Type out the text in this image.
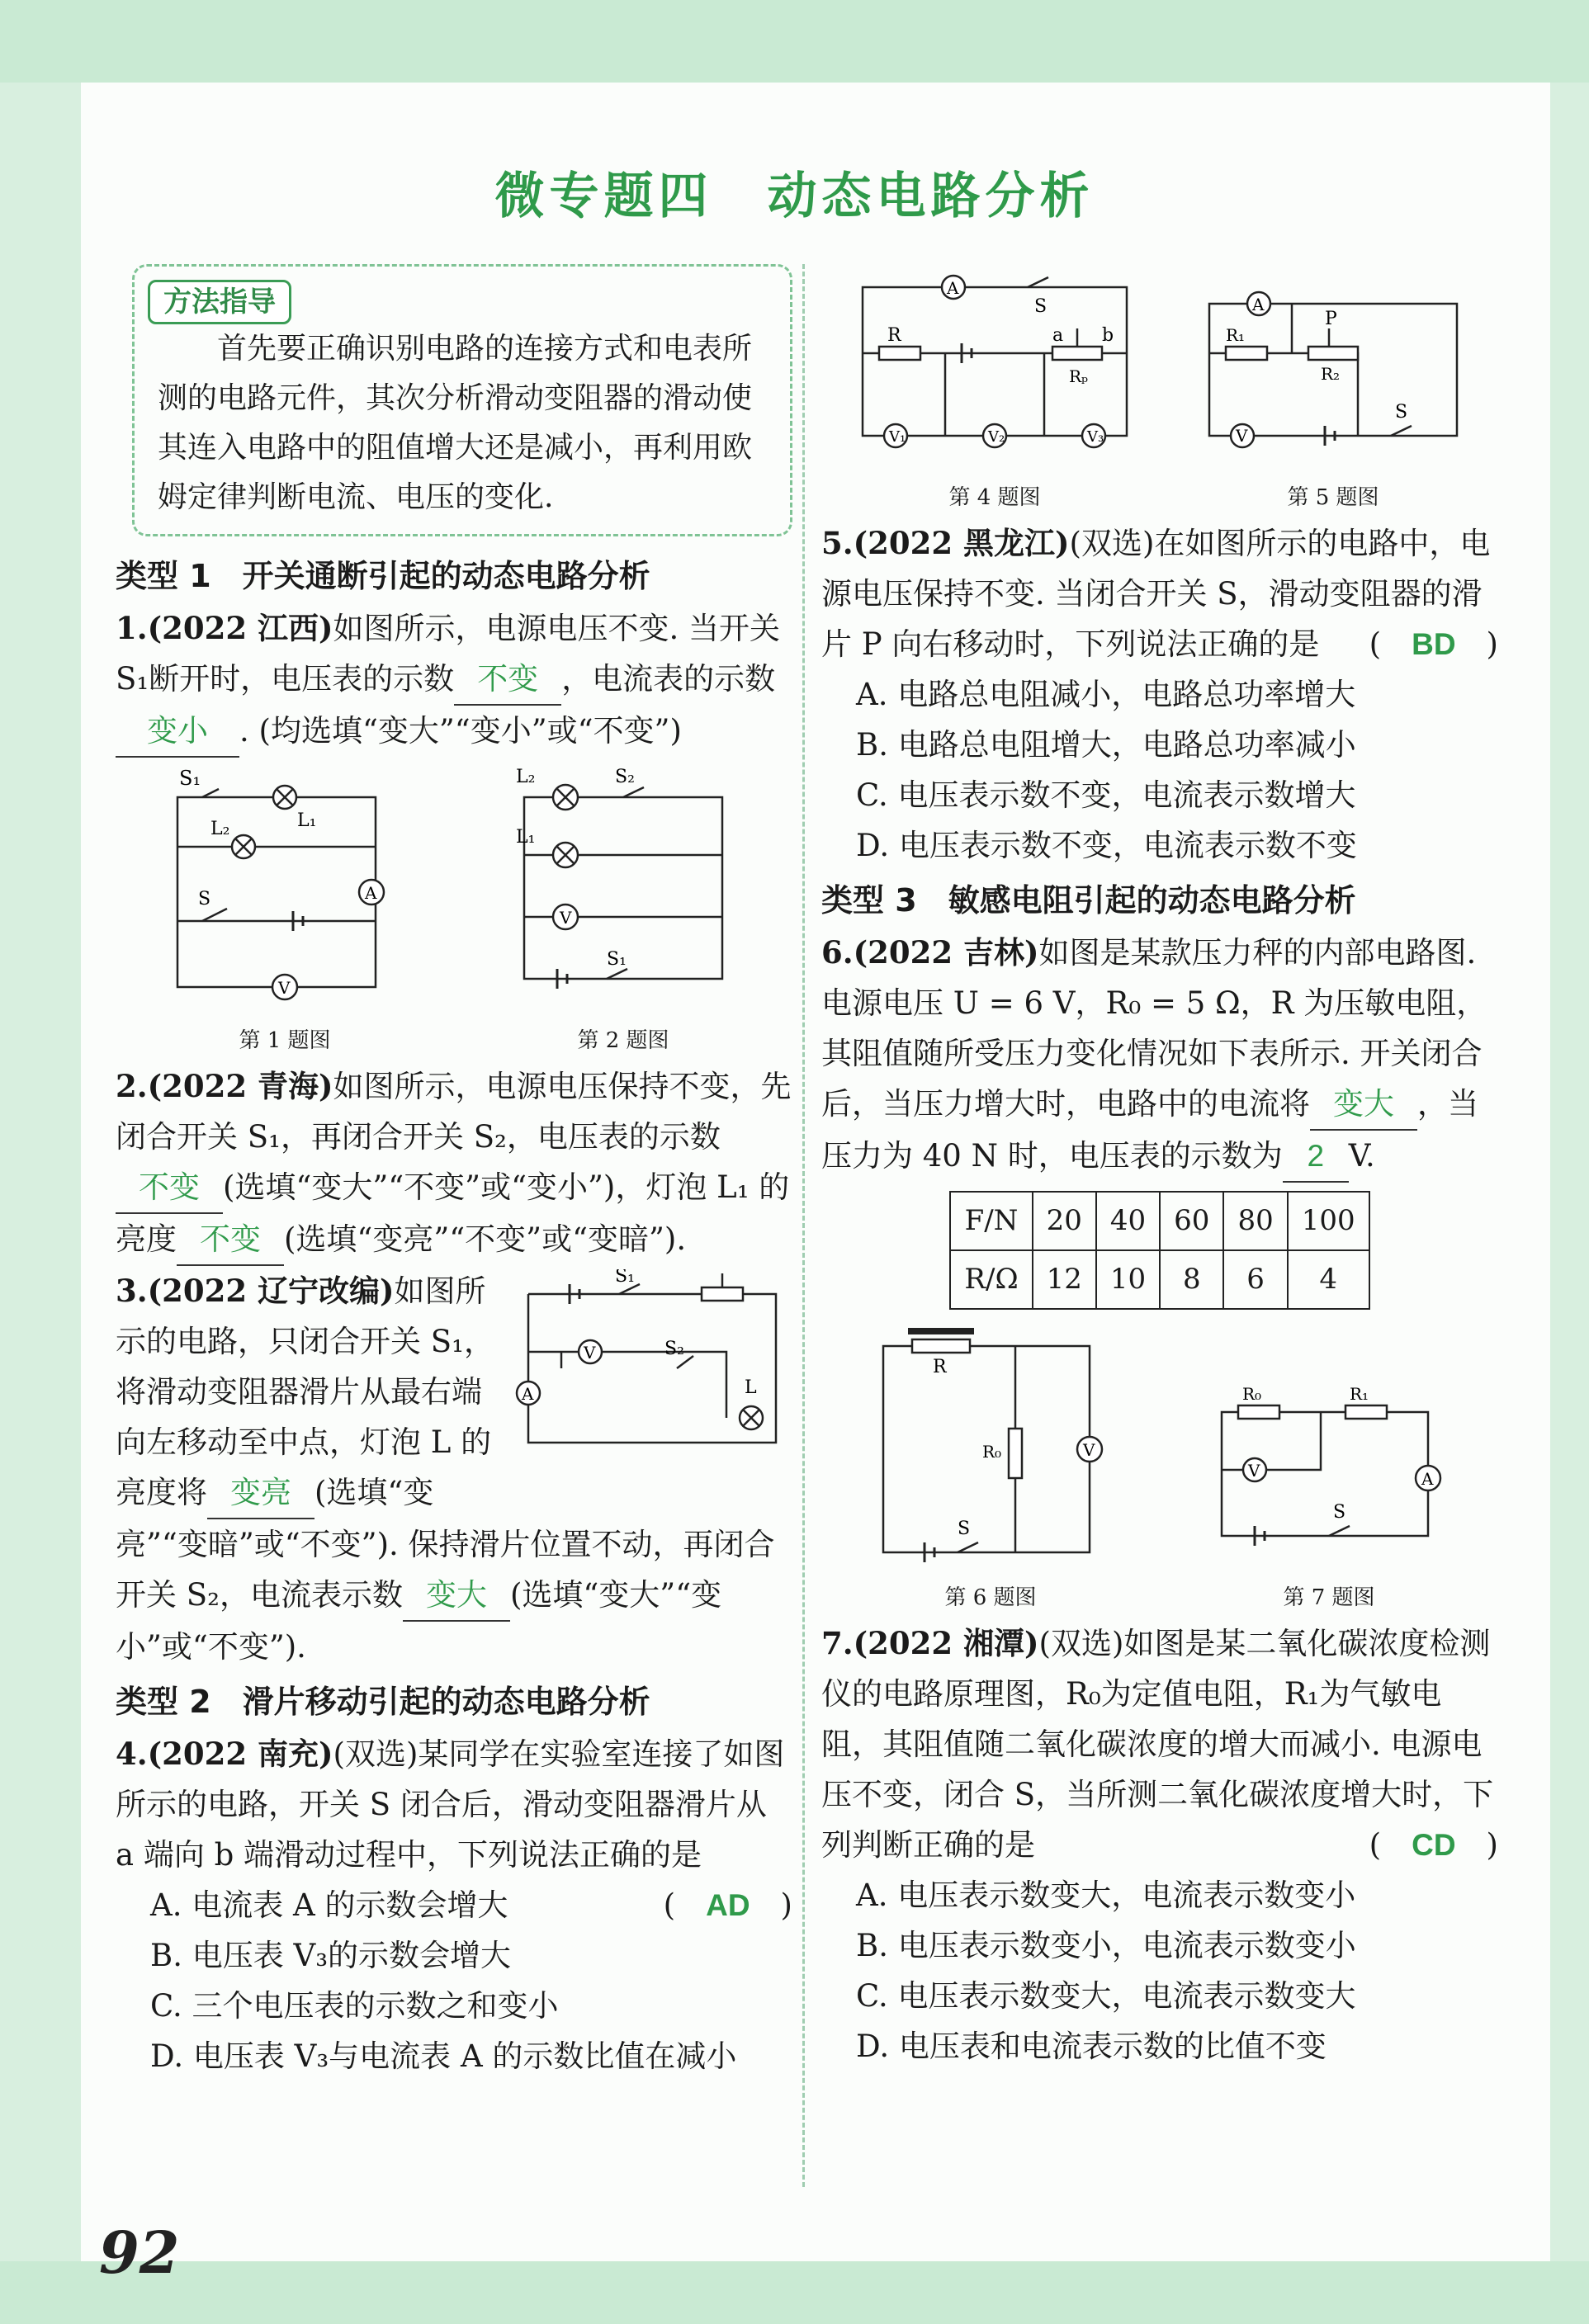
微专题四　动态电路分析
方法指导
首先要正确识别电路的连接方式和电表所测的电路元件，其次分析滑动变阻器的滑动使其连入电路中的阻值增大还是减小，再利用欧姆定律判断电流、电压的变化.
类型 1　开关通断引起的动态电路分析
1.(2022 江西)如图所示，电源电压不变. 当开关 S₁断开时，电压表的示数 不变 ，电流表的示数变小 . (均选填“变大”“变小”或“不变”)
S₁
L₂	L₁
S	A
V
第 1 题图
L₂	S₂
L₁
V
S₁
第 2 题图
2.(2022 青海)如图所示，电源电压保持不变，先闭合开关 S₁，再闭合开关 S₂，电压表的示数不变 (选填“变大”“不变”或“变小”)，灯泡 L₁ 的亮度 不变 (选填“变亮”“不变”或“变暗”).
S₁
A
V	S₂
L
3.(2022 辽宁改编)如图所示的电路，只闭合开关 S₁，将滑动变阻器滑片从最右端向左移动至中点，灯泡 L 的亮度将 变亮 (选填“变亮”“变暗”或“不变”). 保持滑片位置不动，再闭合开关 S₂，电流表示数 变大 (选填“变大”“变小”或“不变”).
类型 2　滑片移动引起的动态电路分析
4.(2022 南充)(双选)某同学在实验室连接了如图所示的电路，开关 S 闭合后，滑动变阻器滑片从 a 端向 b 端滑动过程中，下列说法正确的是
(　AD　)
A. 电流表 A 的示数会增大
B. 电压表 V₃的示数会增大
C. 三个电压表的示数之和变小
D. 电压表 V₃与电流表 A 的示数比值在减小
A
S
R	a b
Rₚ
V₁	V₂	V₃
第 4 题图
A
R₁
P
R₂
V
S
第 5 题图
5.(2022 黑龙江)(双选)在如图所示的电路中，电源电压保持不变. 当闭合开关 S，滑动变阻器的滑片 P 向右移动时，下列说法正确的是 (　BD　)
A. 电路总电阻减小，电路总功率增大
B. 电路总电阻增大，电路总功率减小
C. 电压表示数不变，电流表示数增大
D. 电压表示数不变，电流表示数不变
类型 3　敏感电阻引起的动态电路分析
6.(2022 吉林)如图是某款压力秤的内部电路图. 电源电压 U = 6 V，R₀ = 5 Ω，R 为压敏电阻，其阻值随所受压力变化情况如下表所示. 开关闭合后，当压力增大时，电路中的电流将 变大 ，当压力为 40 N 时，电压表的示数为 2 V.
F/N	20	40	60	80	100
R/Ω	12	10	8	6	4
R
R₀	V
S
第 6 题图
R₀	R₁
V	A
S
第 7 题图
7.(2022 湘潭)(双选)如图是某二氧化碳浓度检测仪的电路原理图，R₀为定值电阻，R₁为气敏电阻，其阻值随二氧化碳浓度的增大而减小. 电源电压不变，闭合 S，当所测二氧化碳浓度增大时，下列判断正确的是	(　CD　)
A. 电压表示数变大，电流表示数变小
B. 电压表示数变小，电流表示数变小
C. 电压表示数变大，电流表示数变大
D. 电压表和电流表示数的比值不变
92
